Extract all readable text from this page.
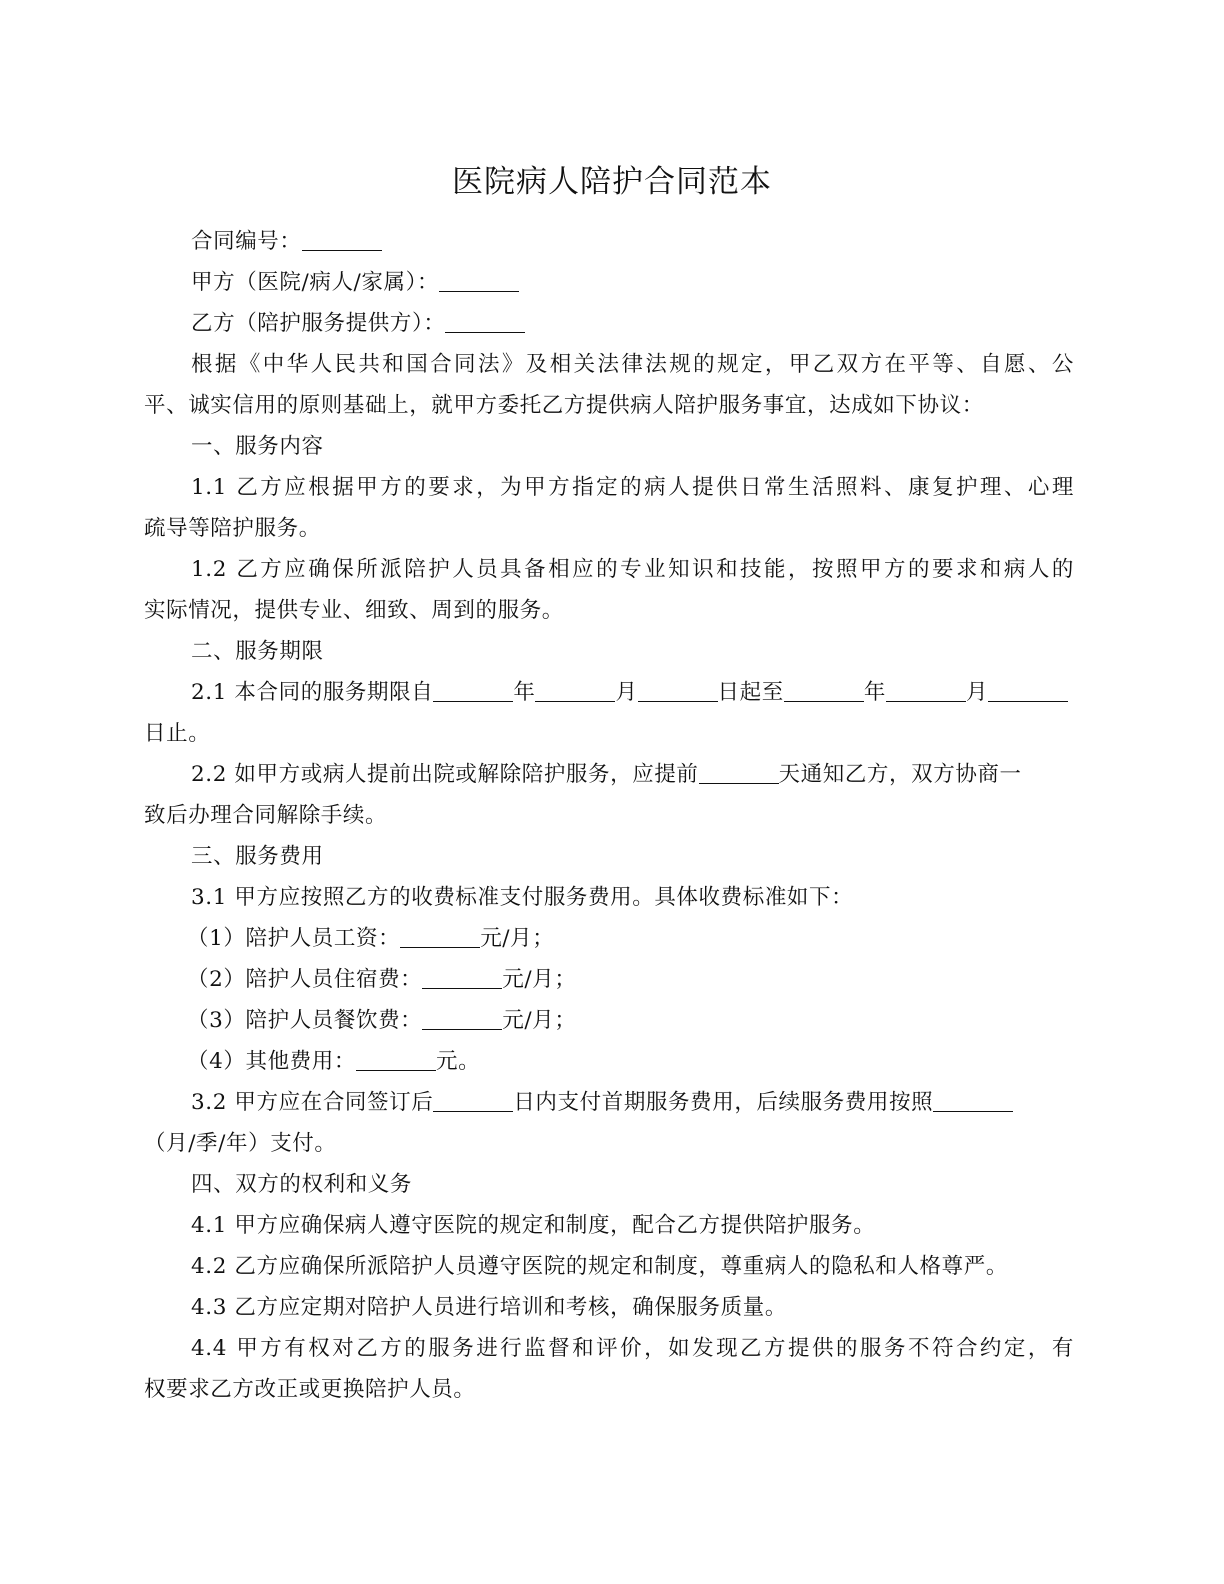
医院病人陪护合同范本
合同编号：
甲方（医院/病人/家属）：
乙方（陪护服务提供方）：
根据《中华人民共和国合同法》及相关法律法规的规定，甲乙双方在平等、自愿、公
平、诚实信用的原则基础上，就甲方委托乙方提供病人陪护服务事宜，达成如下协议：
一、服务内容
1.1 乙方应根据甲方的要求，为甲方指定的病人提供日常生活照料、康复护理、心理
疏导等陪护服务。
1.2 乙方应确保所派陪护人员具备相应的专业知识和技能，按照甲方的要求和病人的
实际情况，提供专业、细致、周到的服务。
二、服务期限
2.1 本合同的服务期限自	年	月	日起至	年	月
日止。
2.2 如甲方或病人提前出院或解除陪护服务，应提前	天通知乙方，双方协商一
致后办理合同解除手续。
三、服务费用
3.1 甲方应按照乙方的收费标准支付服务费用。具体收费标准如下：
（1）陪护人员工资：	元/月；
（2）陪护人员住宿费：	元/月；
（3）陪护人员餐饮费：	元/月；
（4）其他费用：	元。
3.2 甲方应在合同签订后	日内支付首期服务费用，后续服务费用按照
（月/季/年）支付。
四、双方的权利和义务
4.1 甲方应确保病人遵守医院的规定和制度，配合乙方提供陪护服务。
4.2 乙方应确保所派陪护人员遵守医院的规定和制度，尊重病人的隐私和人格尊严。
4.3 乙方应定期对陪护人员进行培训和考核，确保服务质量。
4.4 甲方有权对乙方的服务进行监督和评价，如发现乙方提供的服务不符合约定，有
权要求乙方改正或更换陪护人员。
